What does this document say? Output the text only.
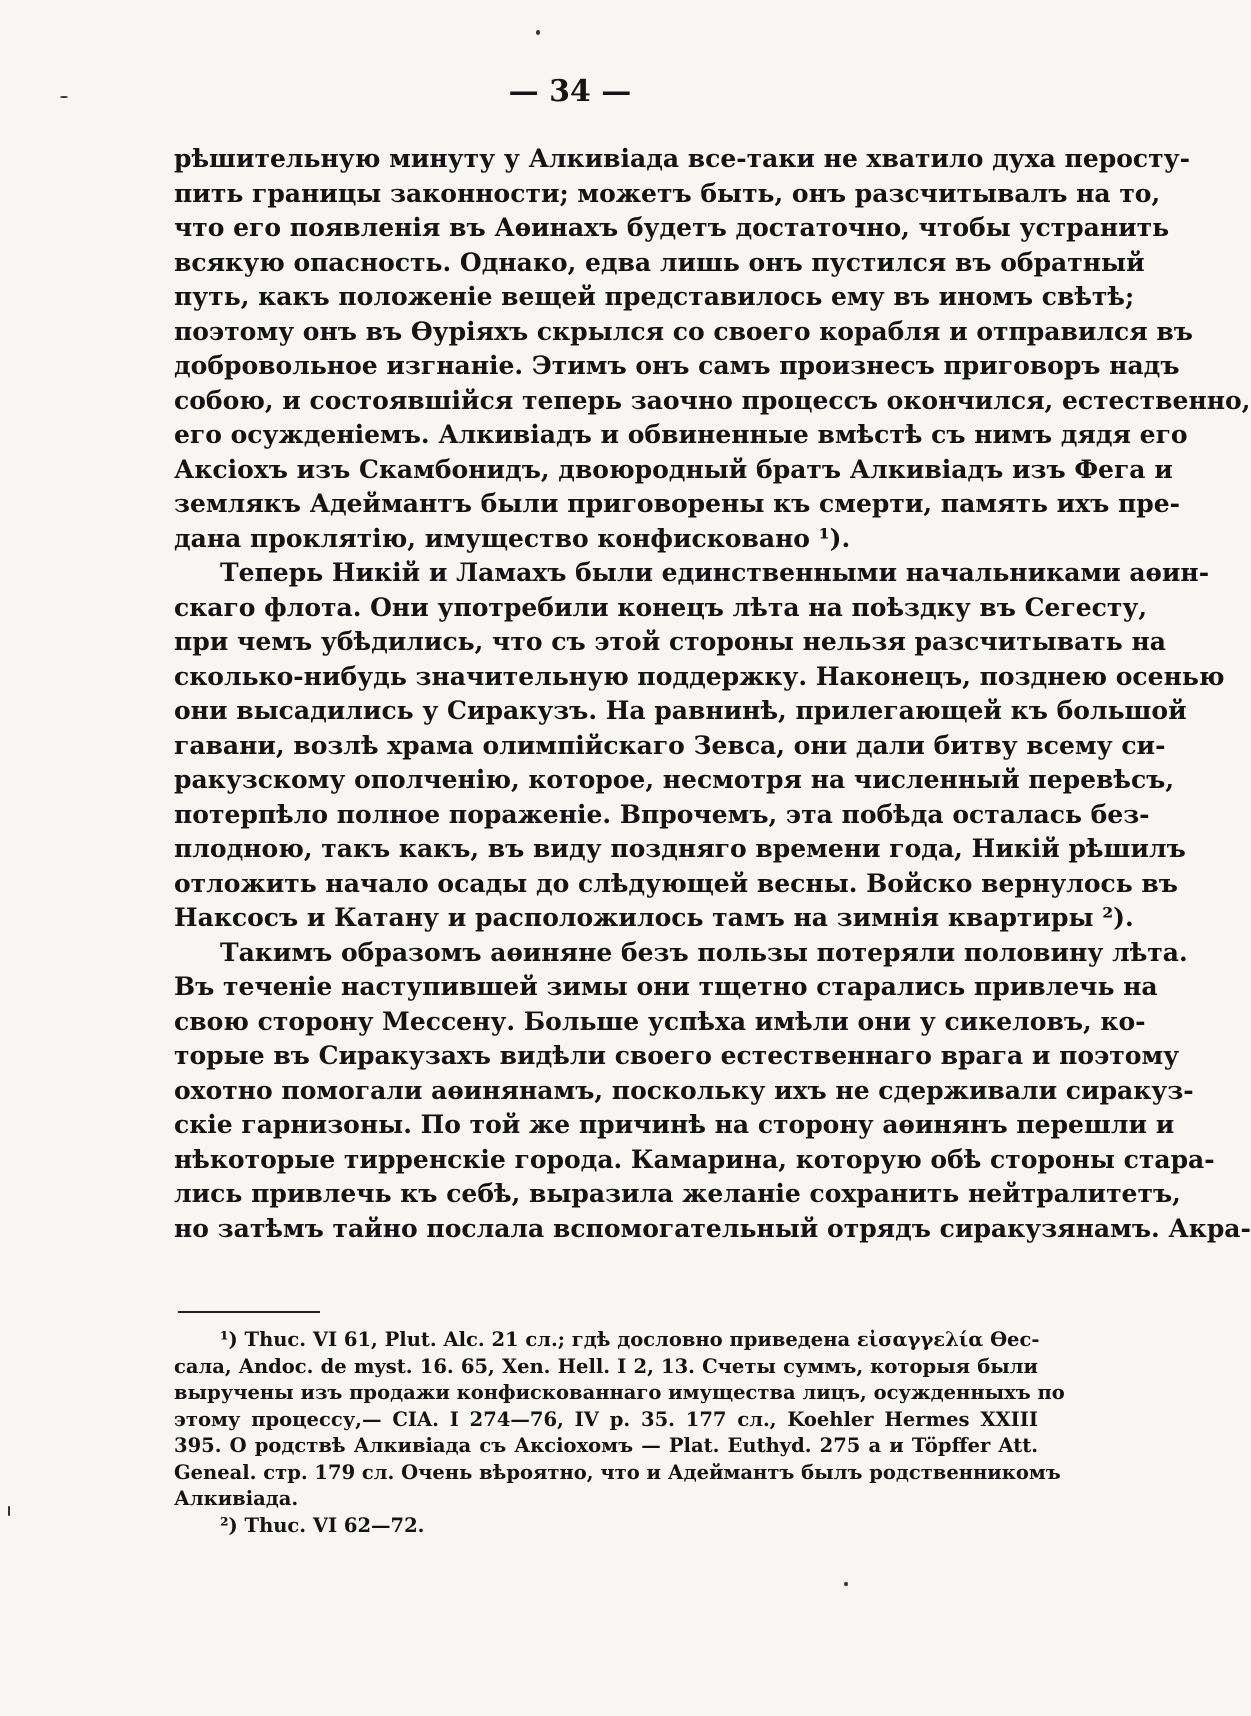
— 34 —
рѣшительную минуту у Алкивіада все-таки не хватило духа перосту-
пить границы законности; можетъ быть, онъ разсчитывалъ на то,
что его появленія въ Аѳинахъ будетъ достаточно, чтобы устранить
всякую опасность. Однако, едва лишь онъ пустился въ обратный
путь, какъ положеніе вещей представилось ему въ иномъ свѣтѣ;
поэтому онъ въ Ѳуріяхъ скрылся со своего корабля и отправился въ
добровольное изгнаніе. Этимъ онъ самъ произнесъ приговоръ надъ
собою, и состоявшійся теперь заочно процессъ окончился, естественно,
его осужденіемъ. Алкивіадъ и обвиненные вмѣстѣ съ нимъ дядя его
Аксіохъ изъ Скамбонидъ, двоюродный братъ Алкивіадъ изъ Фега и
землякъ Адеймантъ были приговорены къ смерти, память ихъ пре-
дана проклятію, имущество конфисковано ¹).
Теперь Никій и Ламахъ были единственными начальниками аѳин-
скаго флота. Они употребили конецъ лѣта на поѣздку въ Сегесту,
при чемъ убѣдились, что съ этой стороны нельзя разсчитывать на
сколько-нибудь значительную поддержку. Наконецъ, позднею осенью
они высадились у Сиракузъ. На равнинѣ, прилегающей къ большой
гавани, возлѣ храма олимпійскаго Зевса, они дали битву всему си-
ракузскому ополченію, которое, несмотря на численный перевѣсъ,
потерпѣло полное пораженіе. Впрочемъ, эта побѣда осталась без-
плодною, такъ какъ, въ виду поздняго времени года, Никій рѣшилъ
отложить начало осады до слѣдующей весны. Войско вернулось въ
Наксосъ и Катану и расположилось тамъ на зимнія квартиры ²).
Такимъ образомъ аѳиняне безъ пользы потеряли половину лѣта.
Въ теченіе наступившей зимы они тщетно старались привлечь на
свою сторону Мессену. Больше успѣха имѣли они у сикеловъ, ко-
торые въ Сиракузахъ видѣли своего естественнаго врага и поэтому
охотно помогали аѳинянамъ, поскольку ихъ не сдерживали сиракуз-
скіе гарнизоны. По той же причинѣ на сторону аѳинянъ перешли и
нѣкоторые тирренскіе города. Камарина, которую обѣ стороны стара-
лись привлечь къ себѣ, выразила желаніе сохранить нейтралитетъ,
но затѣмъ тайно послала вспомогательный отрядъ сиракузянамъ. Акра-
¹) Thuc. VI 61, Plut. Alc. 21 сл.; гдѣ дословно приведена εἰσαγγελία Ѳес-
сала, Andoc. de myst. 16. 65, Xen. Hell. I 2, 13. Счеты суммъ, которыя были
выручены изъ продажи конфискованнаго имущества лицъ, осужденныхъ по
этому процессу,— CIA. I 274—76, IV p. 35. 177 сл., Koehler Hermes XXIII
395. О родствѣ Алкивіада съ Аксіохомъ — Plat. Euthyd. 275 a и Töpffer Att.
Geneal. стр. 179 сл. Очень вѣроятно, что и Адеймантъ былъ родственникомъ
Алкивіада.
²) Thuc. VI 62—72.
